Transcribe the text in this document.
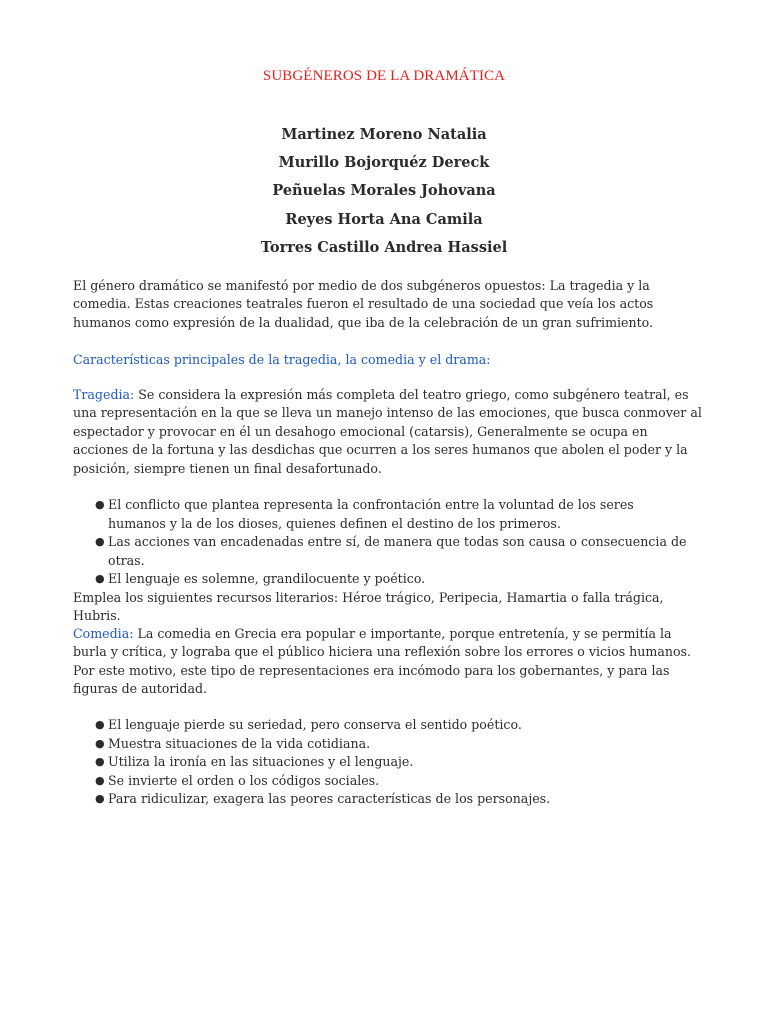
SUBGÉNEROS DE LA DRAMÁTICA
Martinez Moreno Natalia
Murillo Bojorquéz Dereck
Peñuelas Morales Johovana
Reyes Horta Ana Camila
Torres Castillo Andrea Hassiel
El género dramático se manifestó por medio de dos subgéneros opuestos: La tragedia y la comedia. Estas creaciones teatrales fueron el resultado de una sociedad que veía los actos humanos como expresión de la dualidad, que iba de la celebración de un gran sufrimiento.
Características principales de la tragedia, la comedia y el drama:
Tragedia: Se considera la expresión más completa del teatro griego, como subgénero teatral, es una representación en la que se lleva un manejo intenso de las emociones, que busca conmover al espectador y provocar en él un desahogo emocional (catarsis), Generalmente se ocupa en acciones de la fortuna y las desdichas que ocurren a los seres humanos que abolen el poder y la posición, siempre tienen un final desafortunado.
● El conflicto que plantea representa la confrontación entre la voluntad de los seres humanos y la de los dioses, quienes definen el destino de los primeros.
● Las acciones van encadenadas entre sí, de manera que todas son causa o consecuencia de otras.
● El lenguaje es solemne, grandilocuente y poético.
Emplea los siguientes recursos literarios: Héroe trágico, Peripecia, Hamartia o falla trágica, Hubris.
Comedia: La comedia en Grecia era popular e importante, porque entretenía, y se permitía la burla y crítica, y lograba que el público hiciera una reflexión sobre los errores o vicios humanos. Por este motivo, este tipo de representaciones era incómodo para los gobernantes, y para las figuras de autoridad.
● El lenguaje pierde su seriedad, pero conserva el sentido poético.
● Muestra situaciones de la vida cotidiana.
● Utiliza la ironía en las situaciones y el lenguaje.
● Se invierte el orden o los códigos sociales.
● Para ridiculizar, exagera las peores características de los personajes.
